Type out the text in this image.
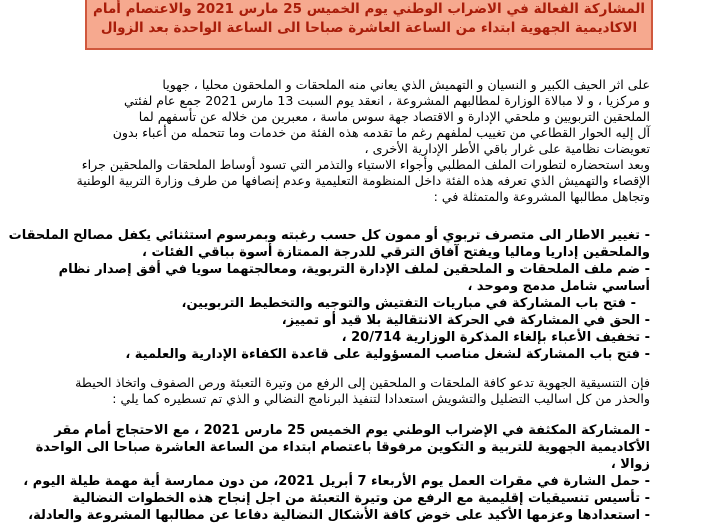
المشاركة الفعالة في الاضراب الوطني يوم الخميس 25 مارس 2021 والاعتصام أمام
الاكاديمية الجهوية ابتداء من الساعة العاشرة صباحا الى الساعة الواحدة بعد الزوال
على اثر الحيف الكبير و النسيان و التهميش الذي يعاني منه الملحقات و الملحقون محليا ، جهويا
و مركزيا ، و لا مبالاة الوزارة لمطالبهم المشروعة ، انعقد يوم السبت 13 مارس 2021 جمع عام لفئتي
الملحقين التربويين و ملحقي الإدارة و الاقتصاد جهة سوس ماسة ، معبرين من خلاله عن تأسفهم لما
آل إليه الحوار القطاعي من تغييب لملفهم رغم ما تقدمه هذه الفئة من خدمات وما تتحمله من أعباء بدون
تعويضات نظامية على غرار باقي الأطر الإدارية الأخرى ،
وبعد استحضاره لتطورات الملف المطلبي وأجواء الاستياء والتذمر التي تسود أوساط الملحقات والملحقين جراء
الإقصاء والتهميش الذي تعرفه هذه الفئة داخل المنظومة التعليمية وعدم إنصافها من طرف وزارة التربية الوطنية
وتجاهل مطالبها المشروعة والمتمثلة في :
- تغيير الاطار الى متصرف تربوي أو ممون كل حسب رغبته وبمرسوم استثنائي يكفل مصالح الملحقات
والملحقين إداريا وماليا ويفتح آفاق الترقي للدرجة الممتازة أسوة بباقي الفئات ،
- ضم ملف الملحقات و الملحقين لملف الإدارة التربوية، ومعالجتهما سويا في أفق إصدار نظام
أساسي شامل مدمج وموحد ،
- فتح باب المشاركة في مباريات التفتيش والتوجيه والتخطيط التربويين،
- الحق في المشاركة في الحركة الانتقالية بلا قيد أو تمييز،
- تخفيف الأعباء بإلغاء المذكرة الوزارية 20/714 ،
- فتح باب المشاركة لشغل مناصب المسؤولية على قاعدة الكفاءة الإدارية والعلمية ،
فإن التنسيقية الجهوية تدعو كافة الملحقات و الملحقين إلى الرفع من وتيرة التعبئة ورص الصفوف واتخاذ الحيطة
والحذر من كل اساليب التضليل والتشويش استعدادا لتنفيذ البرنامج النضالي و الذي تم تسطيره كما يلي :
- المشاركة المكثفة في الإضراب الوطني يوم الخميس 25 مارس 2021 ، مع الاحتجاج أمام مقر
الأكاديمية الجهوية للتربية و التكوين مرفوقا باعتصام ابتداء من الساعة العاشرة صباحا الى الواحدة
زوالا ،
- حمل الشارة في مقرات العمل يوم الأربعاء 7 أبريل 2021، من دون ممارسة أية مهمة طيلة اليوم ،
- تأسيس تنسيقيات إقليمية مع الرفع من وتيرة التعبئة من اجل إنجاح هذه الخطوات النضالية
- استعدادها وعزمها الأكيد على خوض كافة الأشكال النضالية دفاعا عن مطالبها المشروعة والعادلة،
